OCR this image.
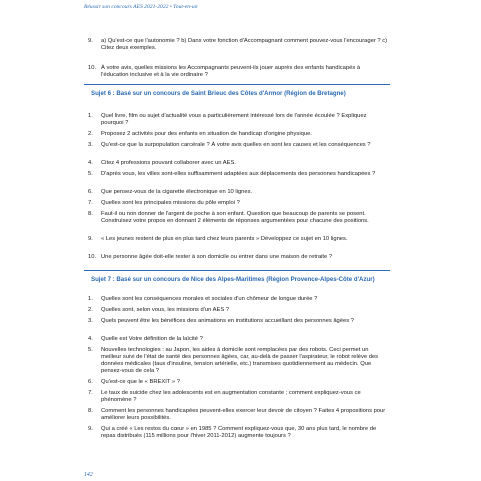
Réussir son concours AES 2021-2022 • Tout-en-un
9.	a) Qu'est-ce que l'autonomie ? b) Dans votre fonction d'Accompagnant comment pouvez-vous l'encourager ? c) Citez deux exemples.
10. À votre avis, quelles missions les Accompagnants peuvent-ils jouer auprès des enfants handicapés à l'éducation inclusive et à la vie ordinaire ?
Sujet 6 : Basé sur un concours de Saint Brieuc des Côtes d'Armor (Région de Bretagne)
1.	Quel livre, film ou sujet d'actualité vous a particulièrement intéressé lors de l'année écoulée ? Expliquez pourquoi ?
2.	Proposez 2 activités pour des enfants en situation de handicap d'origine physique.
3.	Qu'est-ce que la surpopulation carcérale ? À votre avis quelles en sont les causes et les conséquences ?
4.	Citez 4 professions pouvant collaborer avec un AES.
5.	D'après vous, les villes sont-elles suffisamment adaptées aux déplacements des personnes handicapées ?
6.	Que pensez-vous de la cigarette électronique en 10 lignes.
7.	Quelles sont les principales missions du pôle emploi ?
8.	Faut-il ou non donner de l'argent de poche à son enfant. Question que beaucoup de parents se posent. Construisez votre propos en donnant 2 éléments de réponses argumentées pour chacune des positions.
9.	« Les jeunes restent de plus en plus tard chez leurs parents » Développez ce sujet en 10 lignes.
10. Une personne âgée doit-elle rester à son domicile ou entrer dans une maison de retraite ?
Sujet 7 : Basé sur un concours de Nice des Alpes-Maritimes (Région Provence-Alpes-Côte d'Azur)
1.	Quelles sont les conséquences morales et sociales d'un chômeur de longue durée ?
2.	Quelles sont, selon vous, les missions d'un AES ?
3.	Quels peuvent être les bénéfices des animations en institutions accueillant des personnes âgées ?
4.	Quelle est Votre définition de la laïcité ?
5.	Nouvelles technologies : au Japon, les aides à domicile sont remplacées par des robots. Ceci permet un meilleur suivi de l'état de santé des personnes âgées, car, au-delà de passer l'aspirateur, le robot relève des données médicales (taux d'insuline, tension artérielle, etc.) transmises quotidiennement au médecin. Que pensez-vous de cela ?
6.	Qu'est-ce que le « BREXIT » ?
7.	Le taux de suicide chez les adolescents est en augmentation constante ; comment expliquez-vous ce phénomène ?
8.	Comment les personnes handicapées peuvent-elles exercer leur devoir de citoyen ? Faites 4 propositions pour améliorer leurs possibilités.
9.	Qui a créé « Les restos du cœur » en 1985 ? Comment expliquez-vous que, 30 ans plus tard, le nombre de repas distribués (115 millions pour l'hiver 2011-2012) augmente toujours ?
142
